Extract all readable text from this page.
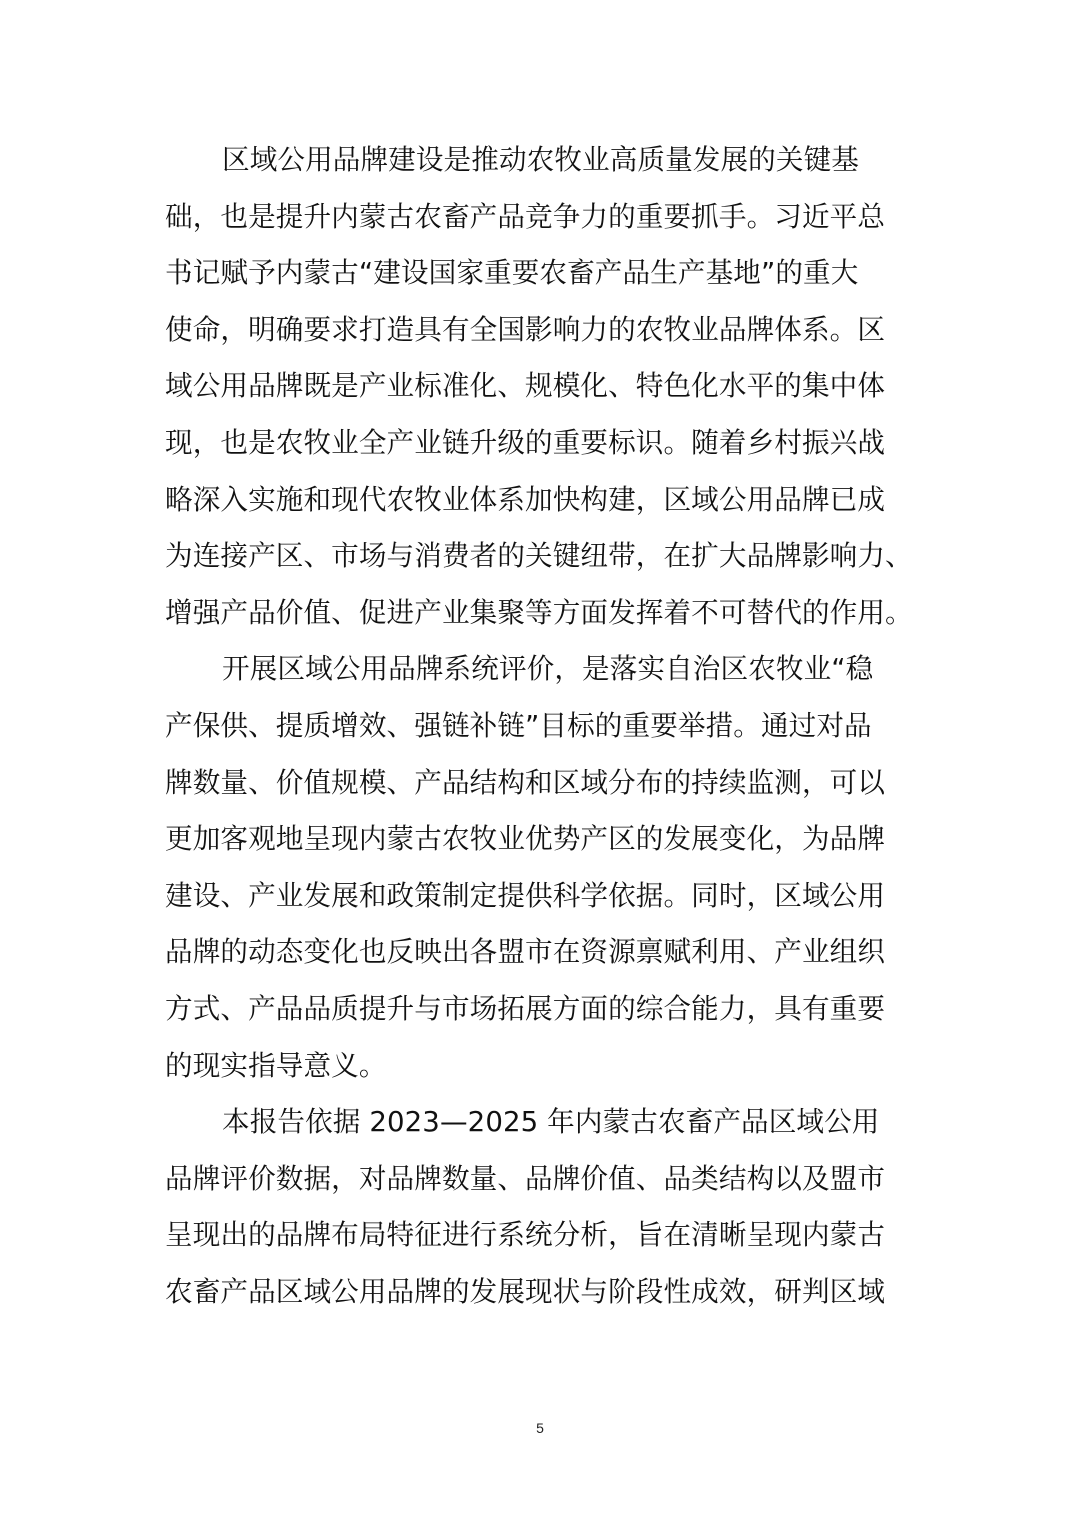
区域公用品牌建设是推动农牧业高质量发展的关键基
础，也是提升内蒙古农畜产品竞争力的重要抓手。习近平总
书记赋予内蒙古“建设国家重要农畜产品生产基地”的重大
使命，明确要求打造具有全国影响力的农牧业品牌体系。区
域公用品牌既是产业标准化、规模化、特色化水平的集中体
现，也是农牧业全产业链升级的重要标识。随着乡村振兴战
略深入实施和现代农牧业体系加快构建，区域公用品牌已成
为连接产区、市场与消费者的关键纽带，在扩大品牌影响力、
增强产品价值、促进产业集聚等方面发挥着不可替代的作用。
开展区域公用品牌系统评价，是落实自治区农牧业“稳
产保供、提质增效、强链补链”目标的重要举措。通过对品
牌数量、价值规模、产品结构和区域分布的持续监测，可以
更加客观地呈现内蒙古农牧业优势产区的发展变化，为品牌
建设、产业发展和政策制定提供科学依据。同时，区域公用
品牌的动态变化也反映出各盟市在资源禀赋利用、产业组织
方式、产品品质提升与市场拓展方面的综合能力，具有重要
的现实指导意义。
本报告依据 2023—2025 年内蒙古农畜产品区域公用
品牌评价数据，对品牌数量、品牌价值、品类结构以及盟市
呈现出的品牌布局特征进行系统分析，旨在清晰呈现内蒙古
农畜产品区域公用品牌的发展现状与阶段性成效，研判区域
5
